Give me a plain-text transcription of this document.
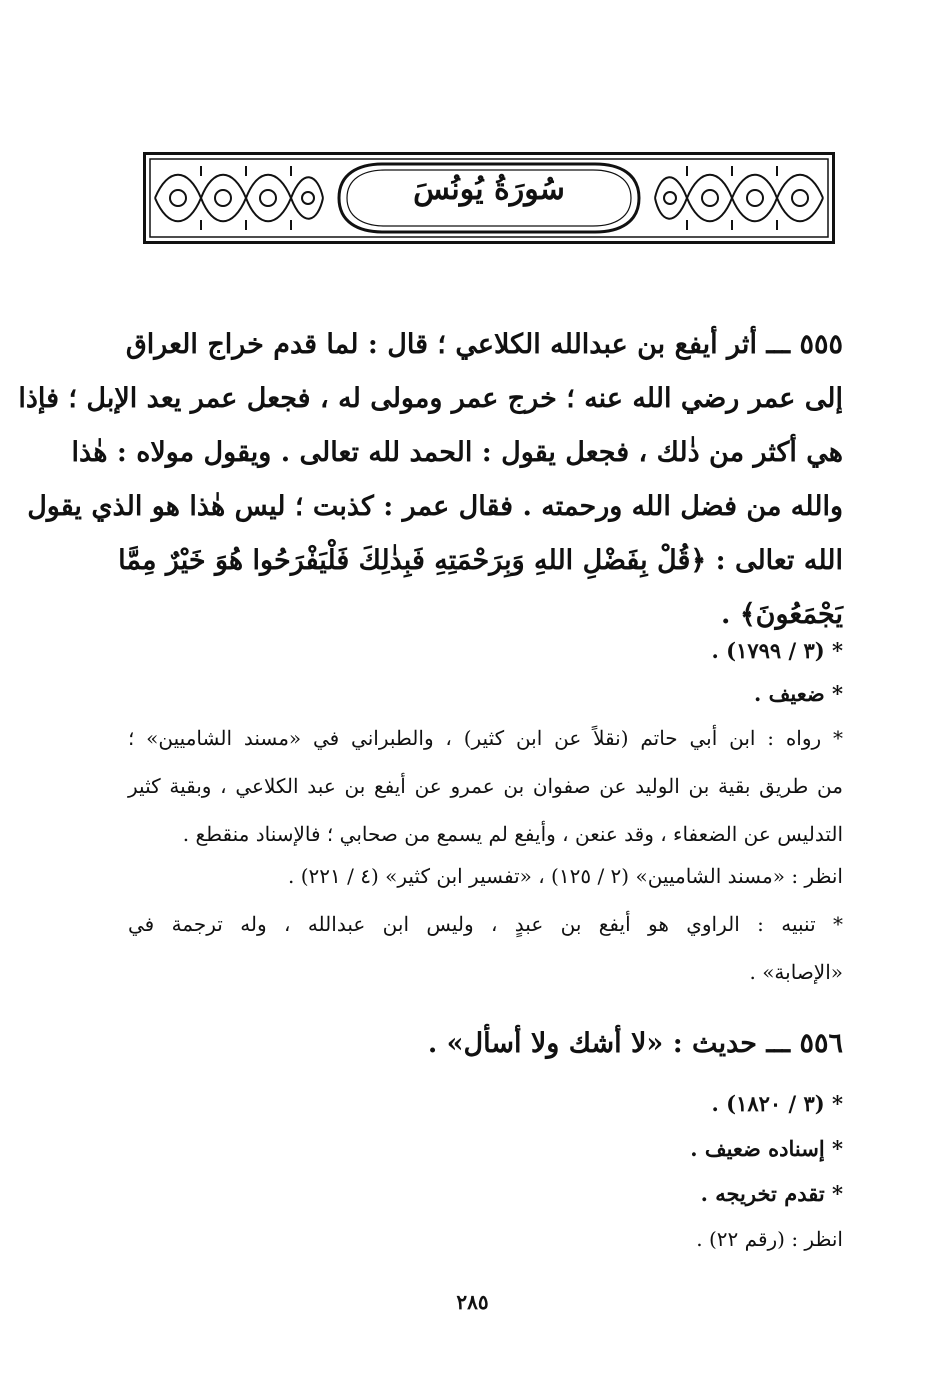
سُورَةُ يُونُسَ
٥٥٥ ـــ أثر أيفع بن عبدالله الكلاعي ؛ قال : لما قدم خراج العراق
إلى عمر رضي الله عنه ؛ خرج عمر ومولى له ، فجعل عمر يعد الإبل ؛ فإذا
هي أكثر من ذٰلك ، فجعل يقول : الحمد لله تعالى . ويقول مولاه : هٰذا
والله من فضل الله ورحمته . فقال عمر : كذبت ؛ ليس هٰذا هو الذي يقول
الله تعالى : ﴿قُلْ بِفَضْلِ اللهِ وَبِرَحْمَتِهِ فَبِذٰلِكَ فَلْيَفْرَحُوا هُوَ خَيْرٌ مِمَّا
يَجْمَعُونَ﴾ .
* (٣ / ١٧٩٩) .
* ضعيف .
* رواه : ابن أبي حاتم (نقلاً عن ابن كثير) ، والطبراني في «مسند الشاميين» ؛
من طريق بقية بن الوليد عن صفوان بن عمرو عن أيفع بن عبد الكلاعي ، وبقية كثير
التدليس عن الضعفاء ، وقد عنعن ، وأيفع لم يسمع من صحابي ؛ فالإسناد منقطع .
انظر : «مسند الشاميين» (٢ / ١٢٥) ، «تفسير ابن كثير» (٤ / ٢٢١) .
* تنبيه : الراوي هو أيفع بن عبدٍ ، وليس ابن عبدالله ، وله ترجمة في
«الإصابة» .
٥٥٦ ـــ حديث : «لا أشك ولا أسأل» .
* (٣ / ١٨٢٠) .
* إسناده ضعيف .
* تقدم تخريجه .
انظر : (رقم ٢٢) .
٢٨٥
